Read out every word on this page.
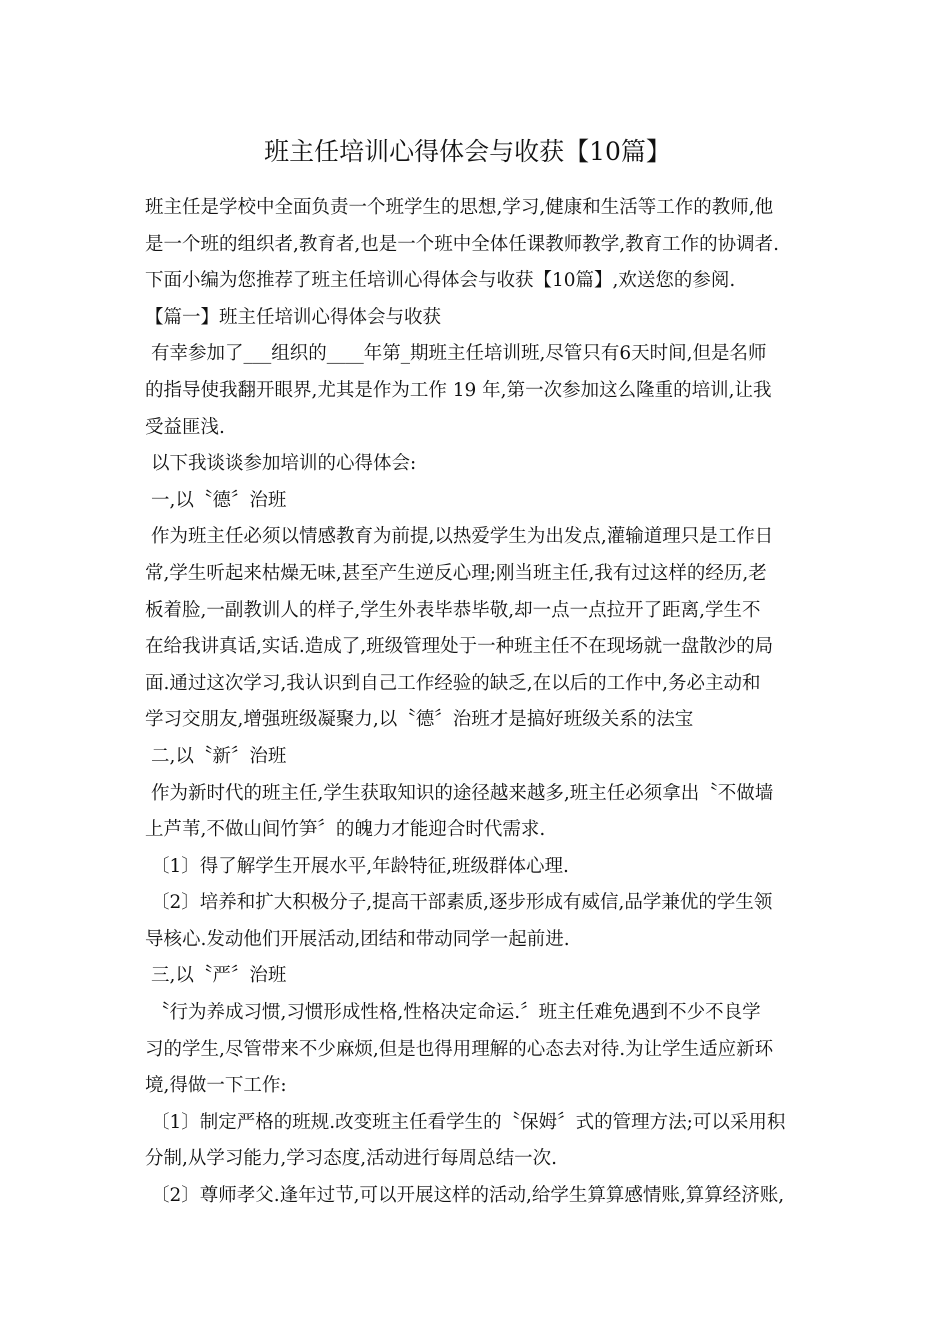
班主任培训心得体会与收获【10篇】
班主任是学校中全面负责一个班学生的思想,学习,健康和生活等工作的教师,他
是一个班的组织者,教育者,也是一个班中全体任课教师教学,教育工作的协调者.
下面小编为您推荐了班主任培训心得体会与收获【10篇】,欢送您的参阅.
【篇一】班主任培训心得体会与收获
有幸参加了___组织的____年第_期班主任培训班,尽管只有6天时间,但是名师
的指导使我翻开眼界,尤其是作为工作 19 年,第一次参加这么隆重的培训,让我
受益匪浅.
以下我谈谈参加培训的心得体会:
一,以〝德〞治班
作为班主任必须以情感教育为前提,以热爱学生为出发点,灌输道理只是工作日
常,学生听起来枯燥无味,甚至产生逆反心理;刚当班主任,我有过这样的经历,老
板着脸,一副教训人的样子,学生外表毕恭毕敬,却一点一点拉开了距离,学生不
在给我讲真话,实话.造成了,班级管理处于一种班主任不在现场就一盘散沙的局
面.通过这次学习,我认识到自己工作经验的缺乏,在以后的工作中,务必主动和
学习交朋友,增强班级凝聚力,以〝德〞治班才是搞好班级关系的法宝
二,以〝新〞治班
作为新时代的班主任,学生获取知识的途径越来越多,班主任必须拿出〝不做墙
上芦苇,不做山间竹笋〞的魄力才能迎合时代需求.
〔1〕得了解学生开展水平,年龄特征,班级群体心理.
〔2〕培养和扩大积极分子,提高干部素质,逐步形成有威信,品学兼优的学生领
导核心.发动他们开展活动,团结和带动同学一起前进.
三,以〝严〞治班
〝行为养成习惯,习惯形成性格,性格决定命运.〞班主任难免遇到不少不良学
习的学生,尽管带来不少麻烦,但是也得用理解的心态去对待.为让学生适应新环
境,得做一下工作:
〔1〕制定严格的班规.改变班主任看学生的〝保姆〞式的管理方法;可以采用积
分制,从学习能力,学习态度,活动进行每周总结一次.
〔2〕尊师孝父.逢年过节,可以开展这样的活动,给学生算算感情账,算算经济账,
